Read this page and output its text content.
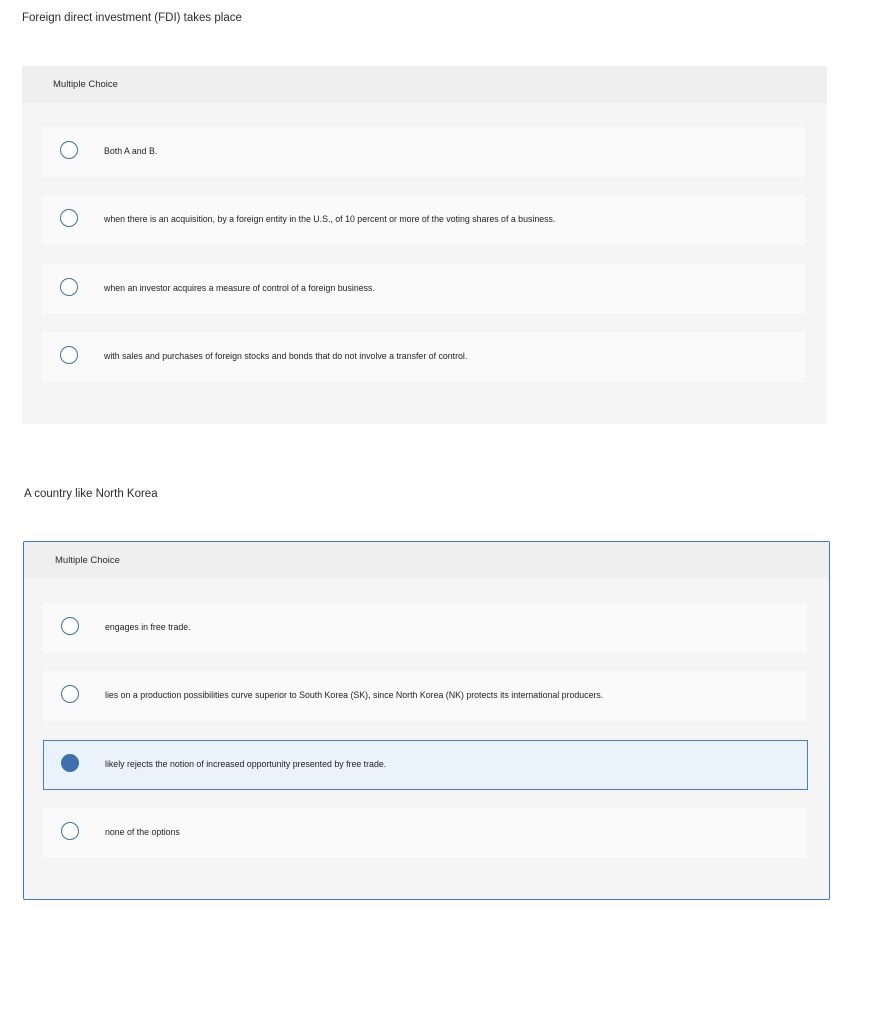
Foreign direct investment (FDI) takes place
Multiple Choice
Both A and B.
when there is an acquisition, by a foreign entity in the U.S., of 10 percent or more of the voting shares of a business.
when an investor acquires a measure of control of a foreign business.
with sales and purchases of foreign stocks and bonds that do not involve a transfer of control.
A country like North Korea
Multiple Choice
engages in free trade.
lies on a production possibilities curve superior to South Korea (SK), since North Korea (NK) protects its international producers.
likely rejects the notion of increased opportunity presented by free trade.
none of the options
